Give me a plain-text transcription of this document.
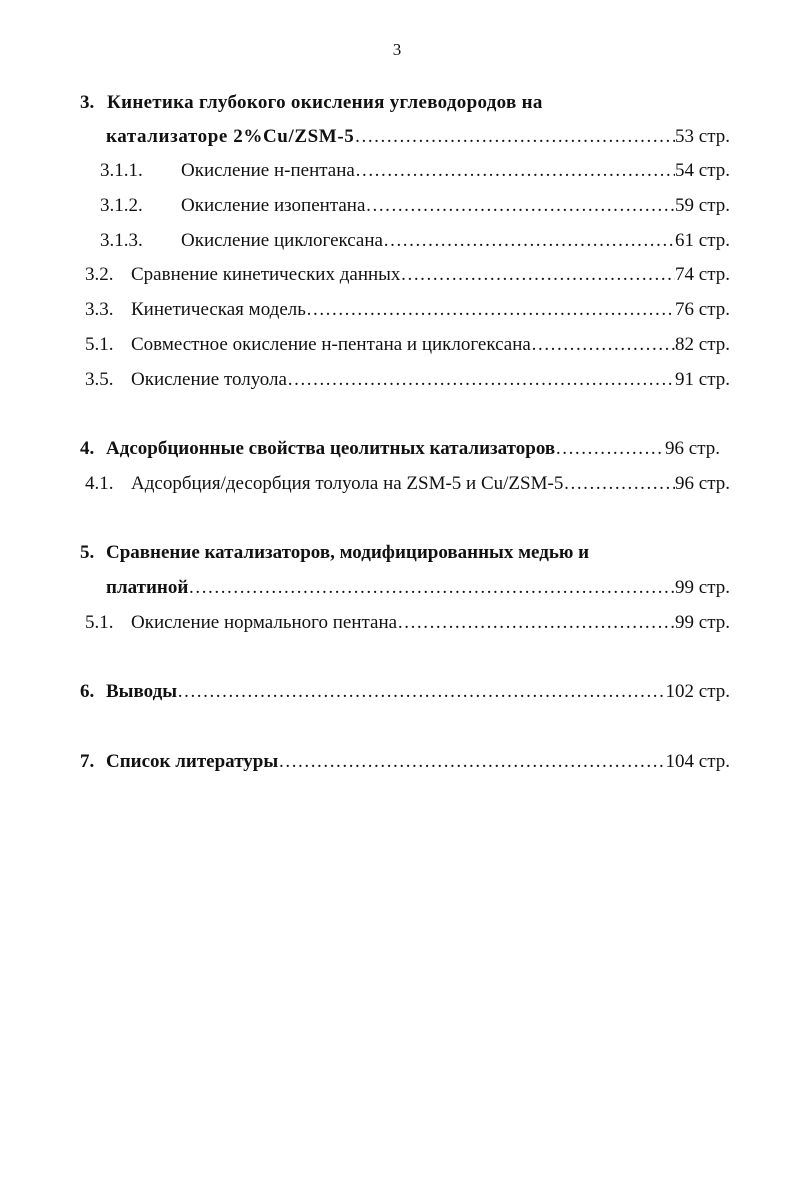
3
3. Кинетика глубокого окисления углеводородов на
катализаторе 2%Cu/ZSM-5 ……………………………………………………………………………………………………………………………………………………	53 стр.
3.1.1.	Окисление н-пентана ……………………………………………………………………………………………………………………………………………………	54 стр.
3.1.2.	Окисление изопентана ……………………………………………………………………………………………………………………………………………………	59 стр.
3.1.3.	Окисление циклогексана ……………………………………………………………………………………………………………………………………………………	61 стр.
3.2. Сравнение кинетических данных ……………………………………………………………………………………………………………………………………………………	74 стр.
3.3. Кинетическая модель ……………………………………………………………………………………………………………………………………………………	76 стр.
5.1. Совместное окисление н-пентана и циклогексана ……………………………………………………………………………………………………………………………………………………	82 стр.
3.5. Окисление толуола ……………………………………………………………………………………………………………………………………………………	91 стр.
4. Адсорбционные свойства цеолитных катализаторов ……………………………………………………………………………………………………………………………………………………	96 стр.
4.1. Адсорбция/десорбция толуола на ZSM-5 и Cu/ZSM-5 ……………………………………………………………………………………………………………………………………………………	96 стр.
5. Сравнение катализаторов, модифицированных медью и
платиной ……………………………………………………………………………………………………………………………………………………	99 стр.
5.1. Окисление нормального пентана ……………………………………………………………………………………………………………………………………………………	99 стр.
6. Выводы ……………………………………………………………………………………………………………………………………………………	102 стр.
7. Список литературы ……………………………………………………………………………………………………………………………………………………	104 стр.
